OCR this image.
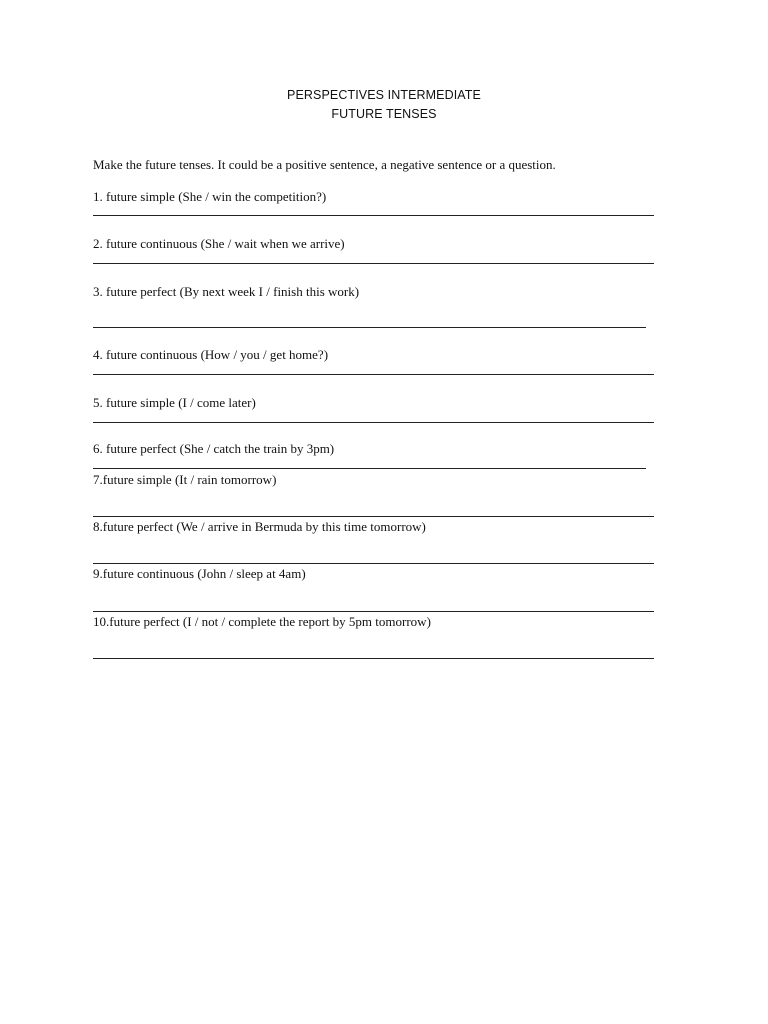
PERSPECTIVES INTERMEDIATE
FUTURE TENSES
Make the future tenses. It could be a positive sentence, a negative sentence or a question.
1. future simple (She / win the competition?)
2. future continuous (She / wait when we arrive)
3. future perfect (By next week I / finish this work)
4. future continuous (How / you / get home?)
5. future simple (I / come later)
6. future perfect (She / catch the train by 3pm)
7.future simple (It / rain tomorrow)
8.future perfect (We / arrive in Bermuda by this time tomorrow)
9.future continuous (John / sleep at 4am)
10.future perfect (I / not / complete the report by 5pm tomorrow)
